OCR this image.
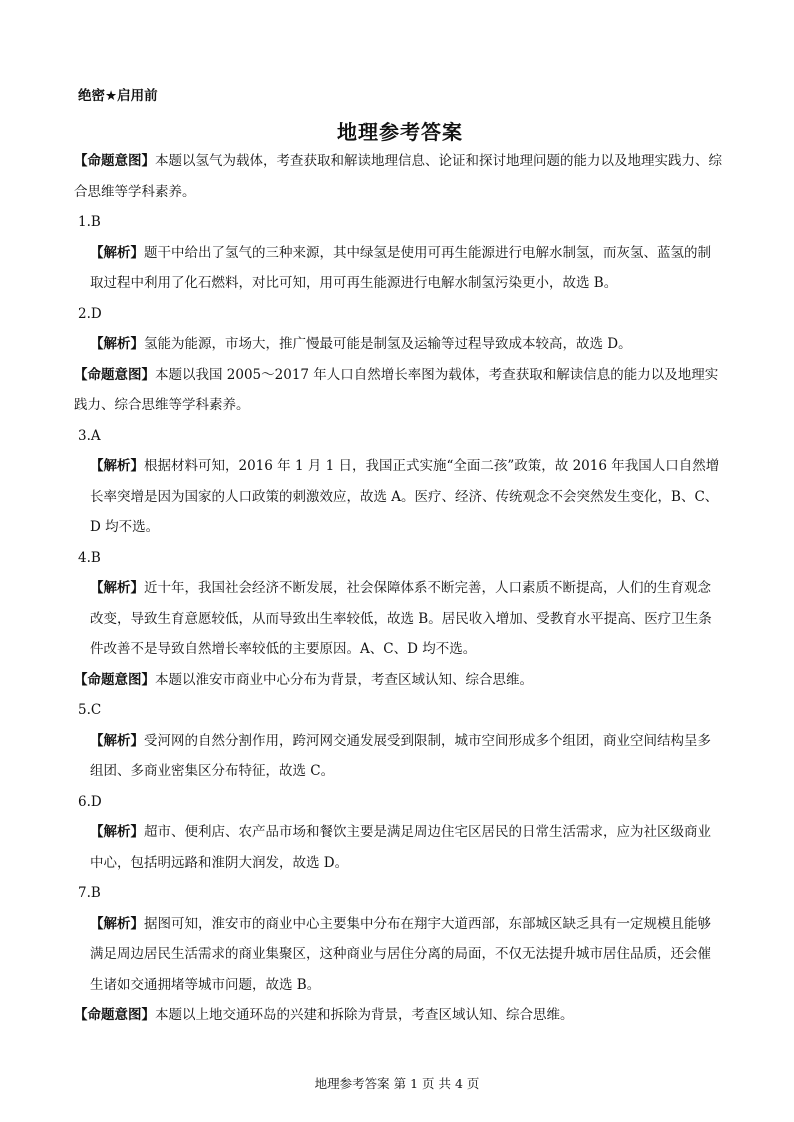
绝密★启用前
地理参考答案
【命题意图】本题以氢气为载体，考查获取和解读地理信息、论证和探讨地理问题的能力以及地理实践力、综合思维等学科素养。
1.B
【解析】题干中给出了氢气的三种来源，其中绿氢是使用可再生能源进行电解水制氢，而灰氢、蓝氢的制取过程中利用了化石燃料，对比可知，用可再生能源进行电解水制氢污染更小，故选 B。
2.D
【解析】氢能为能源，市场大，推广慢最可能是制氢及运输等过程导致成本较高，故选 D。
【命题意图】本题以我国 2005～2017 年人口自然增长率图为载体，考查获取和解读信息的能力以及地理实践力、综合思维等学科素养。
3.A
【解析】根据材料可知，2016 年 1 月 1 日，我国正式实施“全面二孩”政策，故 2016 年我国人口自然增长率突增是因为国家的人口政策的刺激效应，故选 A。医疗、经济、传统观念不会突然发生变化，B、C、D 均不选。
4.B
【解析】近十年，我国社会经济不断发展，社会保障体系不断完善，人口素质不断提高，人们的生育观念改变，导致生育意愿较低，从而导致出生率较低，故选 B。居民收入增加、受教育水平提高、医疗卫生条件改善不是导致自然增长率较低的主要原因。A、C、D 均不选。
【命题意图】本题以淮安市商业中心分布为背景，考查区域认知、综合思维。
5.C
【解析】受河网的自然分割作用，跨河网交通发展受到限制，城市空间形成多个组团，商业空间结构呈多组团、多商业密集区分布特征，故选 C。
6.D
【解析】超市、便利店、农产品市场和餐饮主要是满足周边住宅区居民的日常生活需求，应为社区级商业中心，包括明远路和淮阴大润发，故选 D。
7.B
【解析】据图可知，淮安市的商业中心主要集中分布在翔宇大道西部，东部城区缺乏具有一定规模且能够满足周边居民生活需求的商业集聚区，这种商业与居住分离的局面，不仅无法提升城市居住品质，还会催生诸如交通拥堵等城市问题，故选 B。
【命题意图】本题以上地交通环岛的兴建和拆除为背景，考查区域认知、综合思维。
地理参考答案 第 1 页 共 4 页
